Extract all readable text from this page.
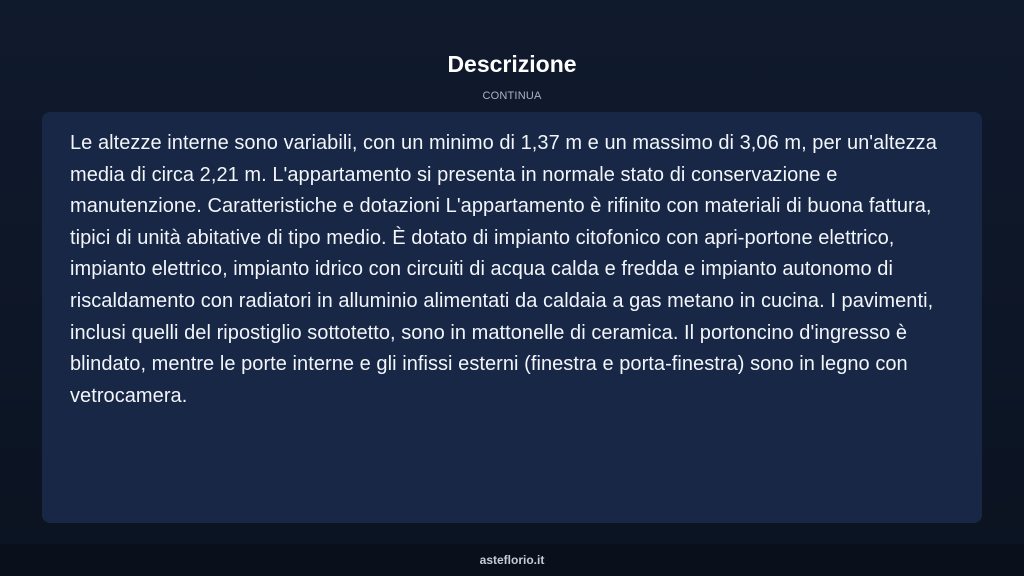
Descrizione
CONTINUA

Le altezze interne sono variabili, con un minimo di 1,37 m e un massimo di 3,06 m, per un'altezza media di circa 2,21 m. L'appartamento si presenta in normale stato di conservazione e manutenzione. Caratteristiche e dotazioni L'appartamento è rifinito con materiali di buona fattura, tipici di unità abitative di tipo medio. È dotato di impianto citofonico con apri-portone elettrico, impianto elettrico, impianto idrico con circuiti di acqua calda e fredda e impianto autonomo di riscaldamento con radiatori in alluminio alimentati da caldaia a gas metano in cucina. I pavimenti, inclusi quelli del ripostiglio sottotetto, sono in mattonelle di ceramica. Il portoncino d'ingresso è blindato, mentre le porte interne e gli infissi esterni (finestra e porta-finestra) sono in legno con vetrocamera.

asteflorio.it
